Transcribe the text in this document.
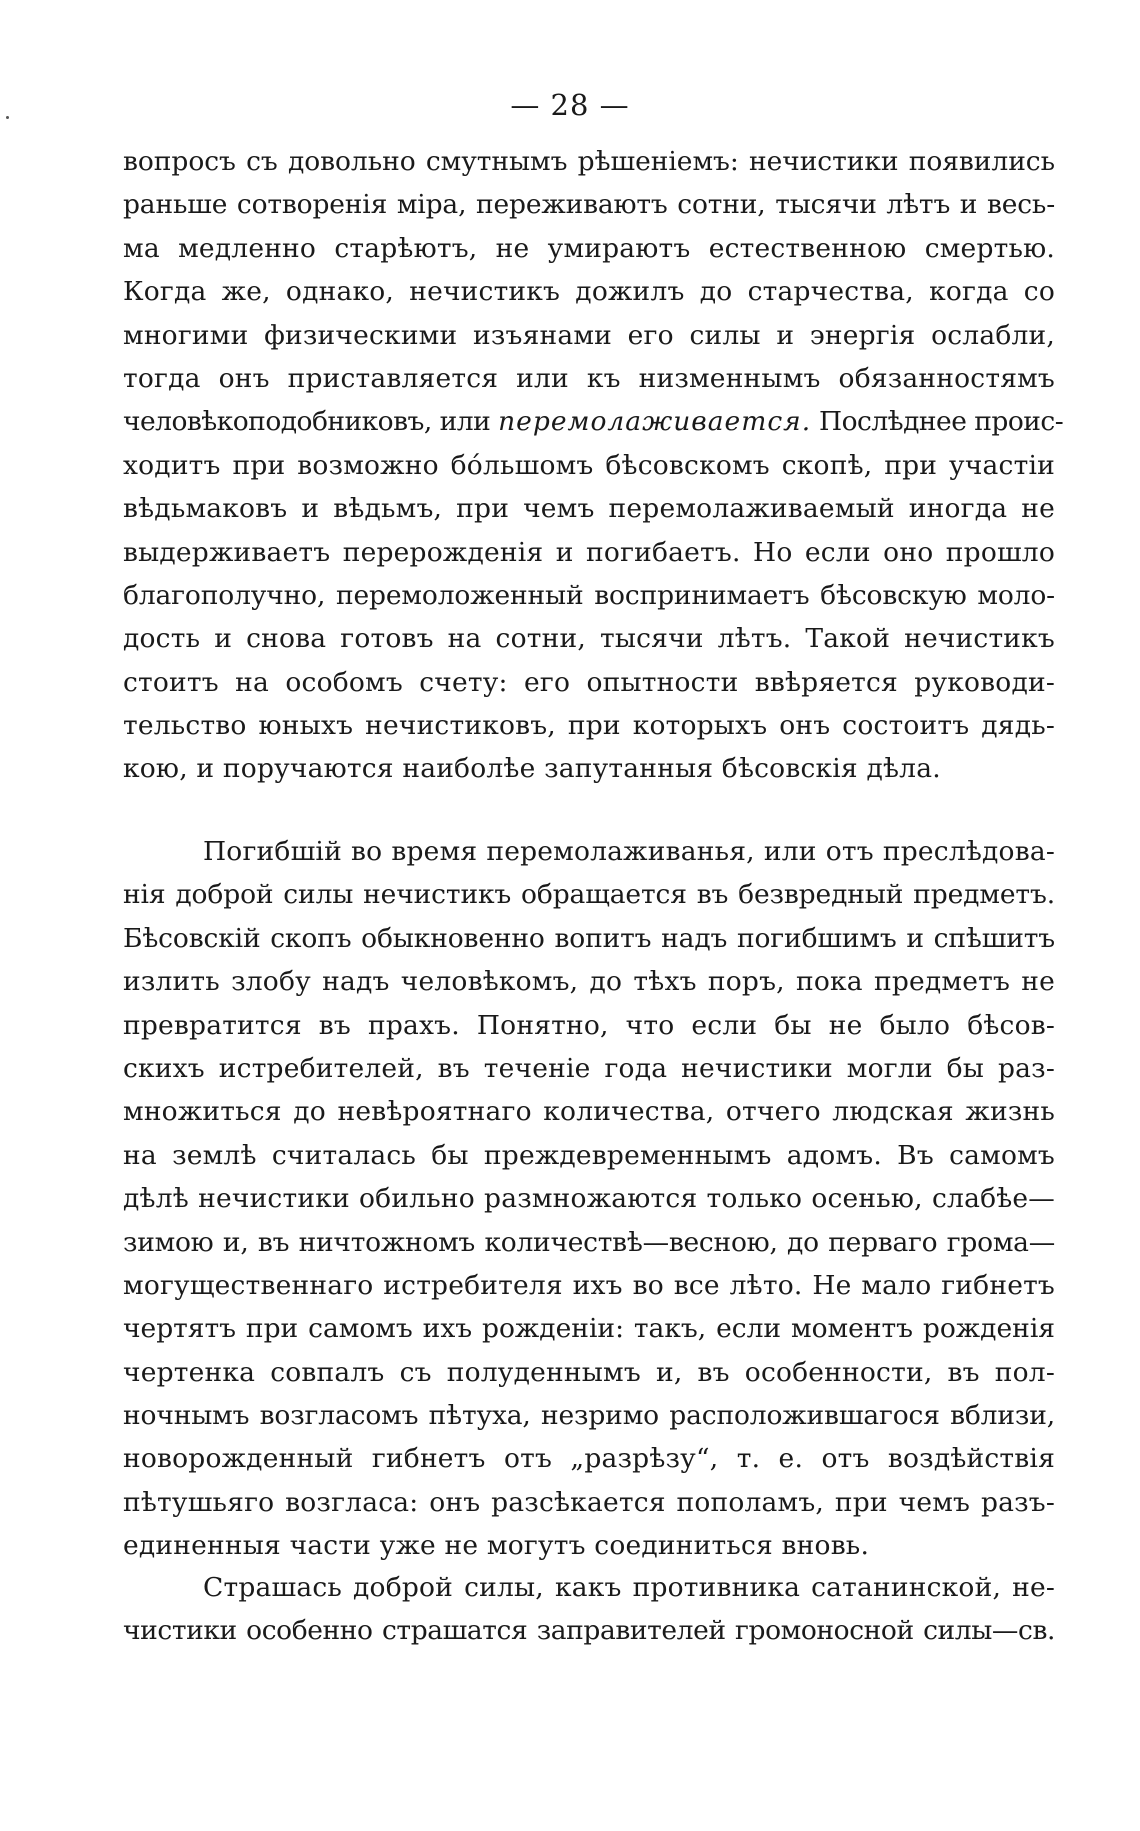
— 28 —
вопросъ съ довольно смутнымъ рѣшеніемъ: нечистики появились
раньше сотворенія міра, переживаютъ сотни, тысячи лѣтъ и весь-
ма медленно старѣютъ, не умираютъ естественною смертью.
Когда же, однако, нечистикъ дожилъ до старчества, когда со
многими физическими изъянами его силы и энергія ослабли,
тогда онъ приставляется или къ низменнымъ обязанностямъ
человѣкоподобниковъ, или перемолаживается. Послѣднее проис-
ходитъ при возможно бо́льшомъ бѣсовскомъ скопѣ, при участіи
вѣдьмаковъ и вѣдьмъ, при чемъ перемолаживаемый иногда не
выдерживаетъ перерожденія и погибаетъ. Но если оно прошло
благополучно, перемоложенный воспринимаетъ бѣсовскую моло-
дость и снова готовъ на сотни, тысячи лѣтъ. Такой нечистикъ
стоитъ на особомъ счету: его опытности ввѣряется руководи-
тельство юныхъ нечистиковъ, при которыхъ онъ состоитъ дядь-
кою, и поручаются наиболѣе запутанныя бѣсовскія дѣла.
Погибшій во время перемолаживанья, или отъ преслѣдова-
нія доброй силы нечистикъ обращается въ безвредный предметъ.
Бѣсовскій скопъ обыкновенно вопитъ надъ погибшимъ и спѣшитъ
излить злобу надъ человѣкомъ, до тѣхъ поръ, пока предметъ не
превратится въ прахъ. Понятно, что если бы не было бѣсов-
скихъ истребителей, въ теченіе года нечистики могли бы раз-
множиться до невѣроятнаго количества, отчего людская жизнь
на землѣ считалась бы преждевременнымъ адомъ. Въ самомъ
дѣлѣ нечистики обильно размножаются только осенью, слабѣе—
зимою и, въ ничтожномъ количествѣ—весною, до перваго грома—
могущественнаго истребителя ихъ во все лѣто. Не мало гибнетъ
чертятъ при самомъ ихъ рожденіи: такъ, если моментъ рожденія
чертенка совпалъ съ полуденнымъ и, въ особенности, въ пол-
ночнымъ возгласомъ пѣтуха, незримо расположившагося вблизи,
новорожденный гибнетъ отъ „разрѣзу“, т. е. отъ воздѣйствія
пѣтушьяго возгласа: онъ разсѣкается пополамъ, при чемъ разъ-
единенныя части уже не могутъ соединиться вновь.
Страшась доброй силы, какъ противника сатанинской, не-
чистики особенно страшатся заправителей громоносной силы—св.
